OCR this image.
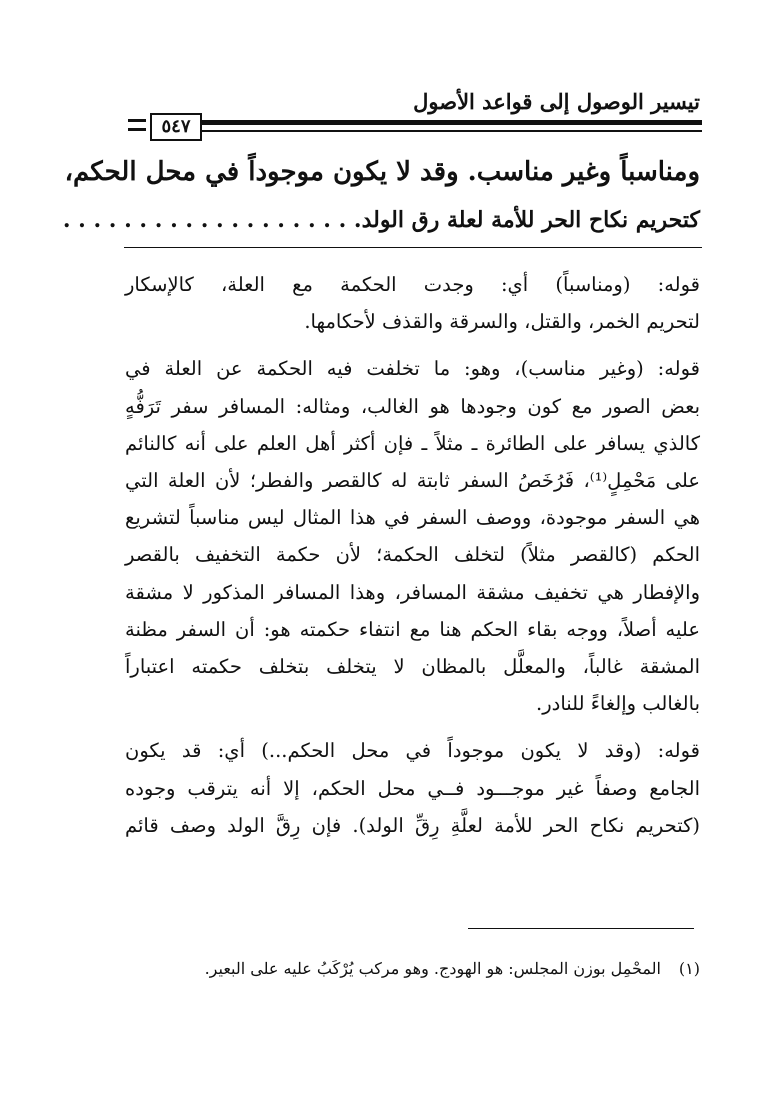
تيسير الوصول إلى قواعد الأصول
٥٤٧
ومناسباً وغير مناسب. وقد لا يكون موجوداً في محل الحكم،
كتحريم نكاح الحر للأمة لعلة رق الولد. . . . . . . . . . . . . . . . . . . .
قوله: (ومناسباً) أي: وجدت الحكمة مع العلة، كالإسكار
لتحريم الخمر، والقتل، والسرقة والقذف لأحكامها.
قوله: (وغير مناسب)، وهو: ما تخلفت فيه الحكمة عن العلة في
بعض الصور مع كون وجودها هو الغالب، ومثاله: المسافر سفر تَرَفُّهٍ
كالذي يسافر على الطائرة ـ مثلاً ـ فإن أكثر أهل العلم على أنه كالنائم
على مَحْمِلٍ⁽¹⁾، فَرُخَصُ السفر ثابتة له كالقصر والفطر؛ لأن العلة التي
هي السفر موجودة، ووصف السفر في هذا المثال ليس مناسباً لتشريع
الحكم (كالقصر مثلاً) لتخلف الحكمة؛ لأن حكمة التخفيف بالقصر
والإفطار هي تخفيف مشقة المسافر، وهذا المسافر المذكور لا مشقة
عليه أصلاً، ووجه بقاء الحكم هنا مع انتفاء حكمته هو: أن السفر مظنة
المشقة غالباً، والمعلَّل بالمظان لا يتخلف بتخلف حكمته اعتباراً
بالغالب وإلغاءً للنادر.
قوله: (وقد لا يكون موجوداً في محل الحكم...) أي: قد يكون
الجامع وصفاً غير موجـــود فــي محل الحكم، إلا أنه يترقب وجوده
(كتحريم نكاح الحر للأمة لعلَّةِ رِقِّ الولد). فإن رِقَّ الولد وصف قائم
(١)المحْمِل بوزن المجلس: هو الهودج. وهو مركب يُرْكَبُ عليه على البعير.
